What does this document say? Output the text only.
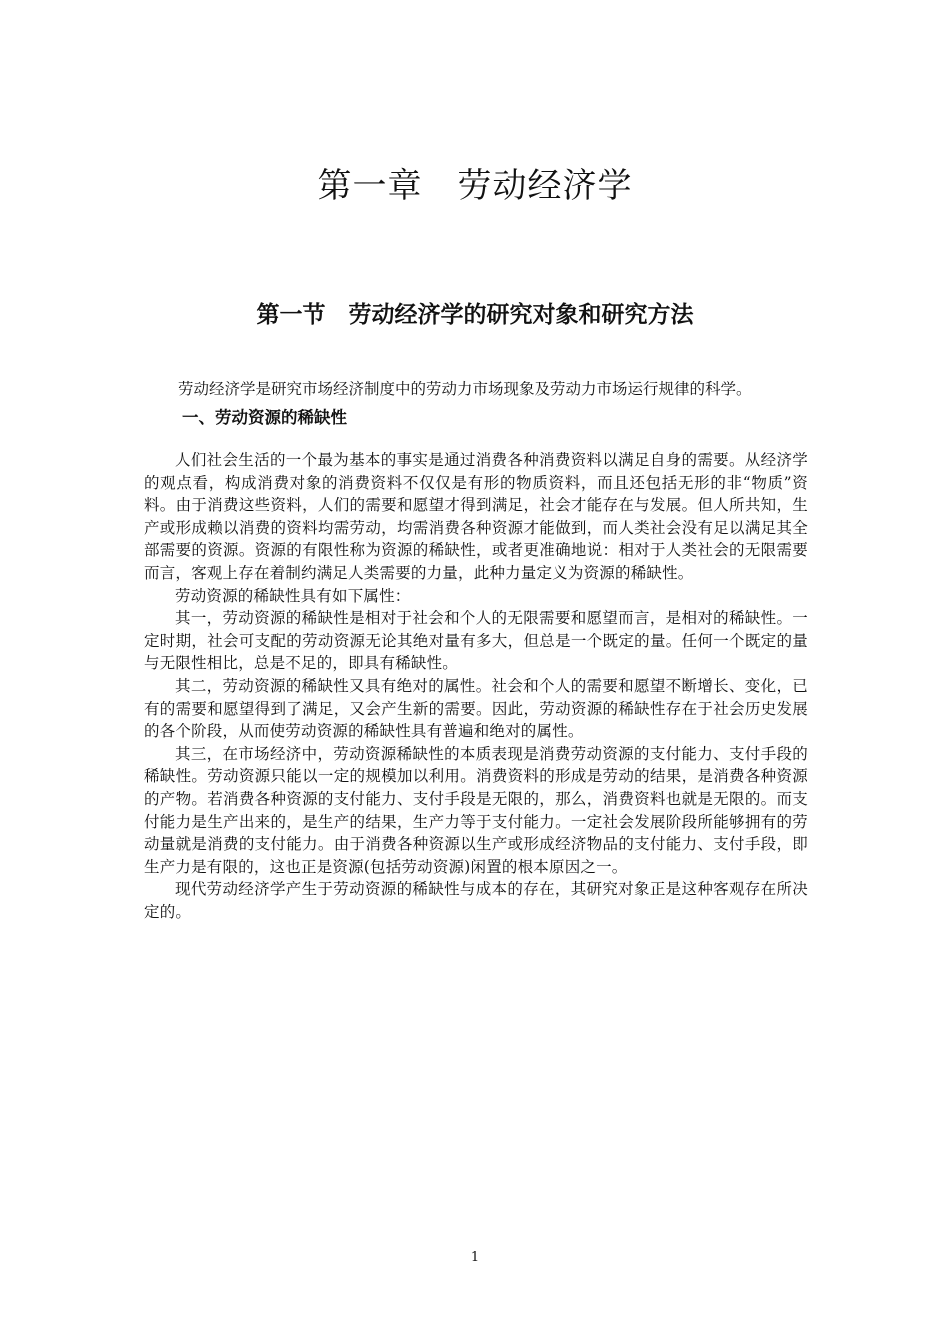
第一章　劳动经济学
第一节　劳动经济学的研究对象和研究方法

劳动经济学是研究市场经济制度中的劳动力市场现象及劳动力市场运行规律的科学。

一、劳动资源的稀缺性

人们社会生活的一个最为基本的事实是通过消费各种消费资料以满足自身的需要。从经济学的观点看，构成消费对象的消费资料不仅仅是有形的物质资料，而且还包括无形的非“物质”资料。由于消费这些资料，人们的需要和愿望才得到满足，社会才能存在与发展。但人所共知，生产或形成赖以消费的资料均需劳动，均需消费各种资源才能做到，而人类社会没有足以满足其全部需要的资源。资源的有限性称为资源的稀缺性，或者更准确地说：相对于人类社会的无限需要而言，客观上存在着制约满足人类需要的力量，此种力量定义为资源的稀缺性。

劳动资源的稀缺性具有如下属性：

其一，劳动资源的稀缺性是相对于社会和个人的无限需要和愿望而言，是相对的稀缺性。一定时期，社会可支配的劳动资源无论其绝对量有多大，但总是一个既定的量。任何一个既定的量与无限性相比，总是不足的，即具有稀缺性。

其二，劳动资源的稀缺性又具有绝对的属性。社会和个人的需要和愿望不断增长、变化，已有的需要和愿望得到了满足，又会产生新的需要。因此，劳动资源的稀缺性存在于社会历史发展的各个阶段，从而使劳动资源的稀缺性具有普遍和绝对的属性。

其三，在市场经济中，劳动资源稀缺性的本质表现是消费劳动资源的支付能力、支付手段的稀缺性。劳动资源只能以一定的规模加以利用。消费资料的形成是劳动的结果，是消费各种资源的产物。若消费各种资源的支付能力、支付手段是无限的，那么，消费资料也就是无限的。而支付能力是生产出来的，是生产的结果，生产力等于支付能力。一定社会发展阶段所能够拥有的劳动量就是消费的支付能力。由于消费各种资源以生产或形成经济物品的支付能力、支付手段，即生产力是有限的，这也正是资源(包括劳动资源)闲置的根本原因之一。

现代劳动经济学产生于劳动资源的稀缺性与成本的存在，其研究对象正是这种客观存在所决定的。

1
